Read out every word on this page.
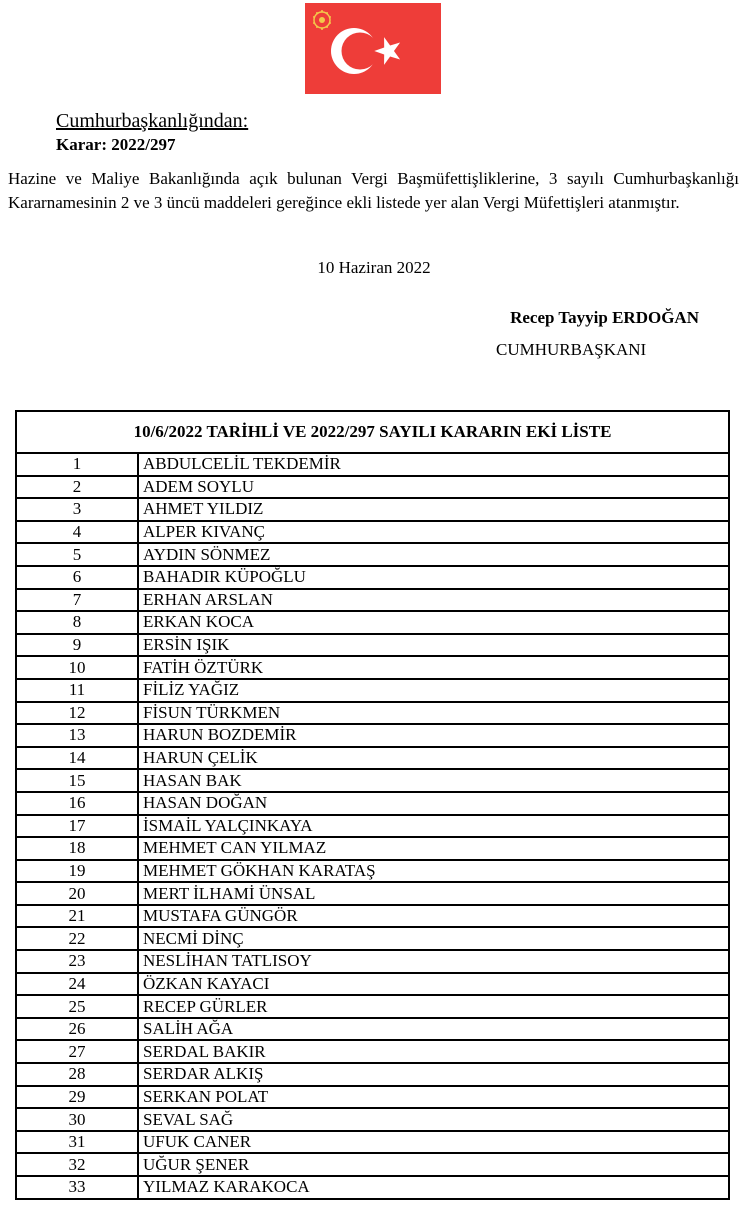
Cumhurbaşkanlığından:
Karar: 2022/297

Hazine ve Maliye Bakanlığında açık bulunan Vergi Başmüfettişliklerine, 3 sayılı Cumhurbaşkanlığı Kararnamesinin 2 ve 3 üncü maddeleri gereğince ekli listede yer alan Vergi Müfettişleri atanmıştır.

10 Haziran 2022
Recep Tayyip ERDOĞAN
CUMHURBAŞKANI
10/6/2022 TARİHLİ VE 2022/297 SAYILI KARARIN EKİ LİSTE	
1	ABDULCELİL TEKDEMİR
2	ADEM SOYLU
3	AHMET YILDIZ
4	ALPER KIVANÇ
5	AYDIN SÖNMEZ
6	BAHADIR KÜPOĞLU
7	ERHAN ARSLAN
8	ERKAN KOCA
9	ERSİN IŞIK
10	FATİH ÖZTÜRK
11	FİLİZ YAĞIZ
12	FİSUN TÜRKMEN
13	HARUN BOZDEMİR
14	HARUN ÇELİK
15	HASAN BAK
16	HASAN DOĞAN
17	İSMAİL YALÇINKAYA
18	MEHMET CAN YILMAZ
19	MEHMET GÖKHAN KARATAŞ
20	MERT İLHAMİ ÜNSAL
21	MUSTAFA GÜNGÖR
22	NECMİ DİNÇ
23	NESLİHAN TATLISOY
24	ÖZKAN KAYACI
25	RECEP GÜRLER
26	SALİH AĞA
27	SERDAL BAKIR
28	SERDAR ALKIŞ
29	SERKAN POLAT
30	SEVAL SAĞ
31	UFUK CANER
32	UĞUR ŞENER
33	YILMAZ KARAKOCA
